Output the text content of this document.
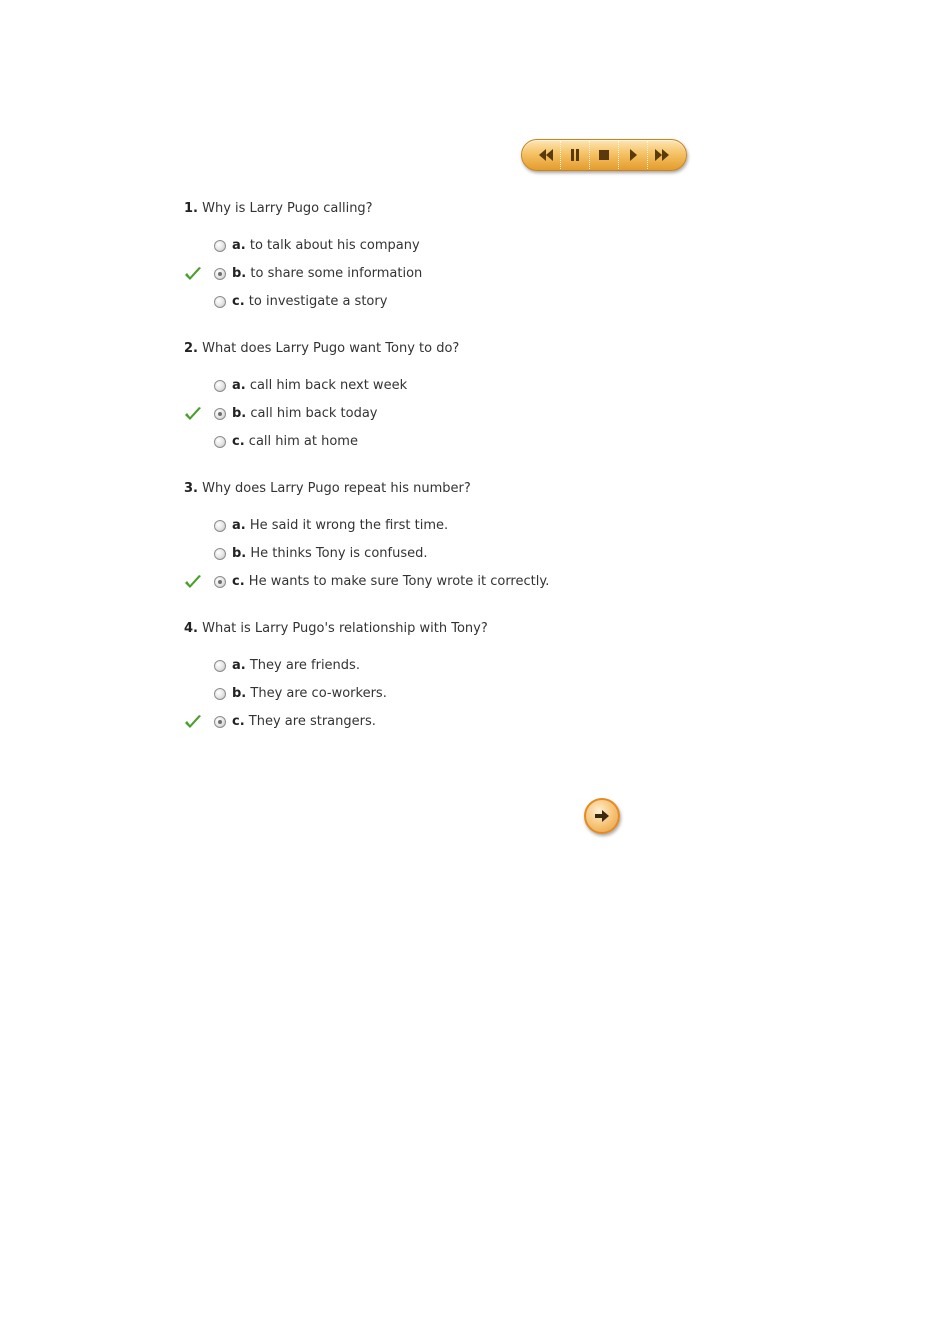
1. Why is Larry Pugo calling?
a. to talk about his company
b. to share some information
c. to investigate a story
2. What does Larry Pugo want Tony to do?
a. call him back next week
b. call him back today
c. call him at home
3. Why does Larry Pugo repeat his number?
a. He said it wrong the first time.
b. He thinks Tony is confused.
c. He wants to make sure Tony wrote it correctly.
4. What is Larry Pugo's relationship with Tony?
a. They are friends.
b. They are co-workers.
c. They are strangers.
